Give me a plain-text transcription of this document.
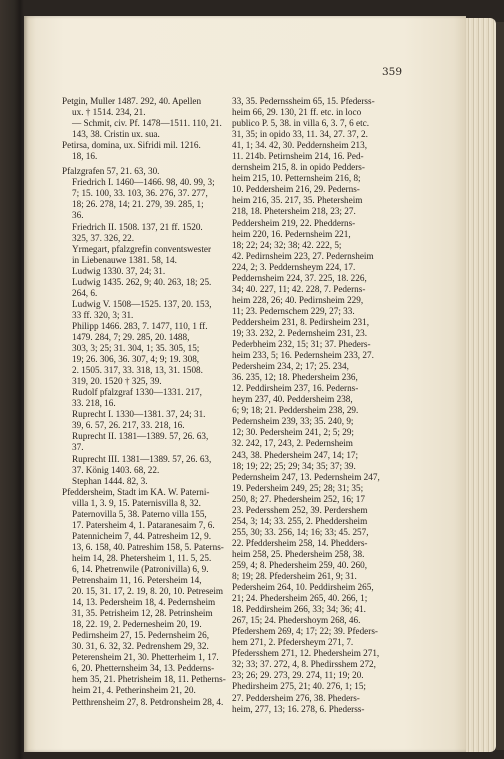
359
Petgin, Muller 1487. 292, 40. Apellen
ux. † 1514. 234, 21.
— Schmit, civ. Pf. 1478—1511. 110, 21.
143, 38. Cristin ux. sua.
Petirsa, domina, ux. Sifridi mil. 1216.
18, 16.
Pfalzgrafen 57, 21. 63, 30.
Friedrich I. 1460—1466. 98, 40. 99, 3;
7; 15. 100, 33. 103, 36. 276, 37. 277,
18; 26. 278, 14; 21. 279, 39. 285, 1;
36.
Friedrich II. 1508. 137, 21 ff. 1520.
325, 37. 326, 22.
Yrmegart, pfalzgrefin conventswester
in Liebenauwe 1381. 58, 14.
Ludwig 1330. 37, 24; 31.
Ludwig 1435. 262, 9; 40. 263, 18; 25.
264, 6.
Ludwig V. 1508—1525. 137, 20. 153,
33 ff. 320, 3; 31.
Philipp 1466. 283, 7. 1477, 110, 1 ff.
1479. 284, 7; 29. 285, 20. 1488,
303, 3; 25; 31. 304, 1; 35. 305, 15;
19; 26. 306, 36. 307, 4; 9; 19. 308,
2. 1505. 317, 33. 318, 13, 31. 1508.
319, 20. 1520 † 325, 39.
Rudolf pfalzgraf 1330—1331. 217,
33. 218, 16.
Ruprecht I. 1330—1381. 37, 24; 31.
39, 6. 57, 26. 217, 33. 218, 16.
Ruprecht II. 1381—1389. 57, 26. 63,
37.
Ruprecht III. 1381—1389. 57, 26. 63,
37. König 1403. 68, 22.
Stephan 1444. 82, 3.
Pfeddersheim, Stadt im KA. W. Paterni-
villa 1, 3. 9, 15. Paternisvilla 8, 32.
Paternovilla 5, 38. Paterno villa 155,
17. Patersheim 4, 1. Pataranesaim 7, 6.
Patennicheim 7, 44. Patresheim 12, 9.
13, 6. 158, 40. Patreshim 158, 5. Paterns-
heim 14, 28. Phetersheim 1, 11. 5, 25.
6, 14. Phetrenwile (Patronivilla) 6, 9.
Petrenshaim 11, 16. Petersheim 14,
20. 15, 31. 17, 2. 19, 8. 20, 10. Petreseim
14, 13. Pedersheim 18, 4. Pedernsheim
31, 35. Petrisheim 12, 28. Petrinsheim
18, 22. 19, 2. Pedernesheim 20, 19.
Pedirnsheim 27, 15. Pedernsheim 26,
30. 31, 6. 32, 32. Pedrenshem 29, 32.
Peterensheim 21, 30. Phetterheim 1, 17.
6, 20. Phetternsheim 34, 13. Pedderns-
hem 35, 21. Phetrisheim 18, 11. Petherns-
heim 21, 4. Petherinsheim 21, 20.
Petthrensheim 27, 8. Petdronsheim 28, 4.
33, 35. Pedernssheim 65, 15. Pfederss-
heim 66, 29. 130, 21 ff. etc. in loco
publico P. 5, 38. in villa 6, 3. 7, 6 etc.
31, 35; in opido 33, 11. 34, 27. 37, 2.
41, 1; 34. 42, 30. Peddernsheim 213,
11. 214b. Petirnsheim 214, 16. Ped-
dernsheim 215, 8. in opido Pedders-
heim 215, 10. Petternsheim 216, 8;
10. Peddersheim 216, 29. Pederns-
heim 216, 35. 217, 35. Phetersheim
218, 18. Phetersheim 218, 23; 27.
Peddersheim 219, 22. Phedderns-
heim 220, 16. Pedernsheim 221,
18; 22; 24; 32; 38; 42. 222, 5;
42. Pedirnsheim 223, 27. Pedernsheim
224, 2; 3. Peddernsheym 224, 17.
Peddernsheim 224, 37. 225, 18. 226,
34; 40. 227, 11; 42. 228, 7. Pederns-
heim 228, 26; 40. Pedirnsheim 229,
11; 23. Pedernschem 229, 27; 33.
Peddersheim 231, 8. Pedirsheim 231,
19; 33. 232, 2. Pedernsheim 231, 23.
Pederbheim 232, 15; 31; 37. Pheders-
heim 233, 5; 16. Pedernsheim 233, 27.
Pedersheim 234, 2; 17; 25. 234,
36. 235, 12; 18. Phedersheim 236,
12. Peddirsheim 237, 16. Pederns-
heym 237, 40. Peddersheim 238,
6; 9; 18; 21. Peddersheim 238, 29.
Pedernsheim 239, 33; 35. 240, 9;
12; 30. Pedersheim 241, 2; 5; 29;
32. 242, 17, 243, 2. Pedernsheim
243, 38. Phedersheim 247, 14; 17;
18; 19; 22; 25; 29; 34; 35; 37; 39.
Pedernsheim 247, 13. Pedernsheim 247,
19. Pedersheim 249, 25; 28; 31; 35;
250, 8; 27. Phedersheim 252, 16; 17
23. Pedersshem 252, 39. Perdershem
254, 3; 14; 33. 255, 2. Pheddersheim
255, 30; 33. 256, 14; 16; 33; 45. 257,
22. Pfeddersheim 258, 14. Phedders-
heim 258, 25. Phedersheim 258, 38.
259, 4; 8. Phedersheim 259, 40. 260,
8; 19; 28. Pfedersheim 261, 9; 31.
Pedersheim 264, 10. Peddirsheim 265,
21; 24. Phedersheim 265, 40. 266, 1;
18. Peddirsheim 266, 33; 34; 36; 41.
267, 15; 24. Phedershoym 268, 46.
Pfedershem 269, 4; 17; 22; 39. Pfeders-
hem 271, 2. Pfedersheym 271, 7.
Pfedersshem 271, 12. Phedersheim 271,
32; 33; 37. 272, 4, 8. Phedirsshem 272,
23; 26; 29. 273, 29. 274, 11; 19; 20.
Phedirsheim 275, 21; 40. 276, 1; 15;
27. Peddersheim 276, 38. Pheders-
heim, 277, 13; 16. 278, 6. Phederss-
